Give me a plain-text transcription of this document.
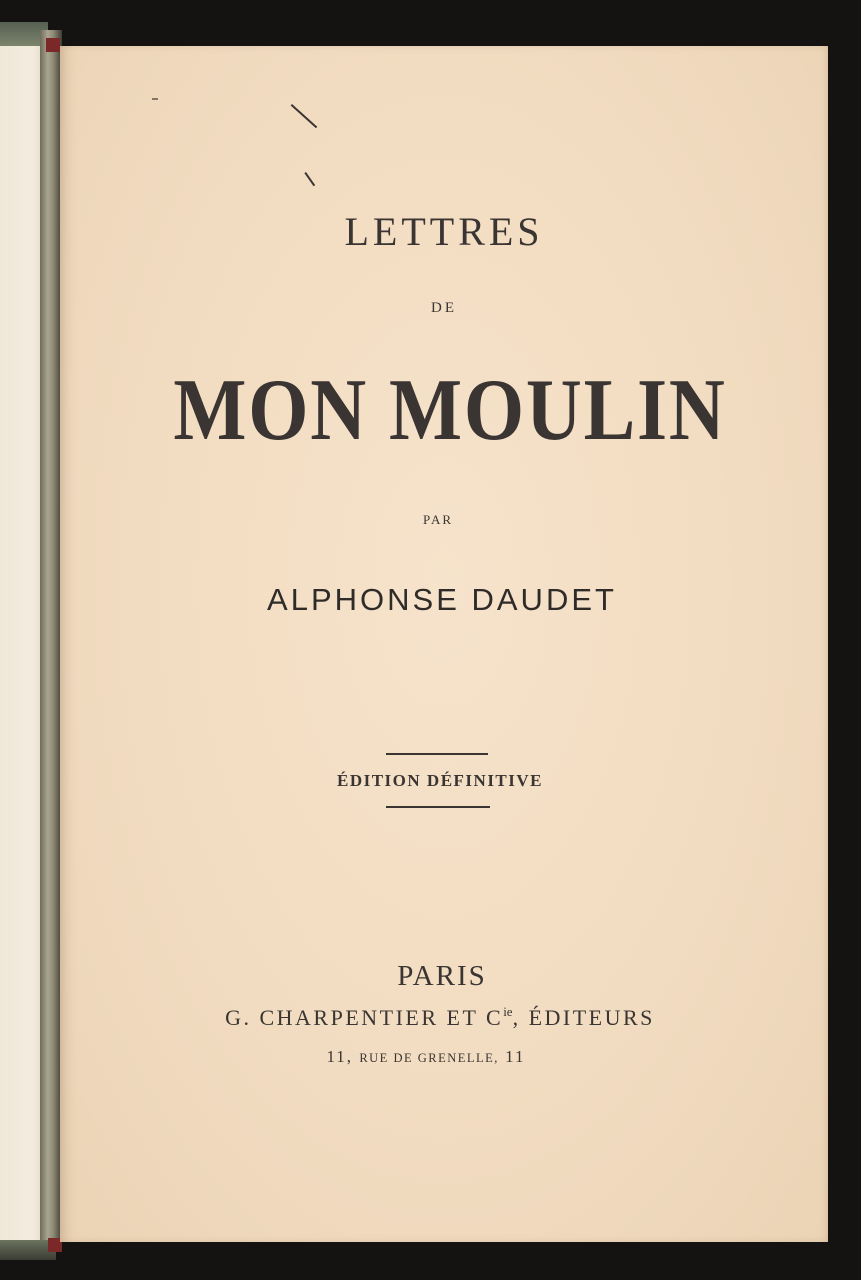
LETTRES
DE
MON MOULIN
PAR
ALPHONSE DAUDET
ÉDITION DÉFINITIVE
PARIS
G. CHARPENTIER ET $C^{ie}$, ÉDITEURS
11, RUE DE GRENELLE, 11
